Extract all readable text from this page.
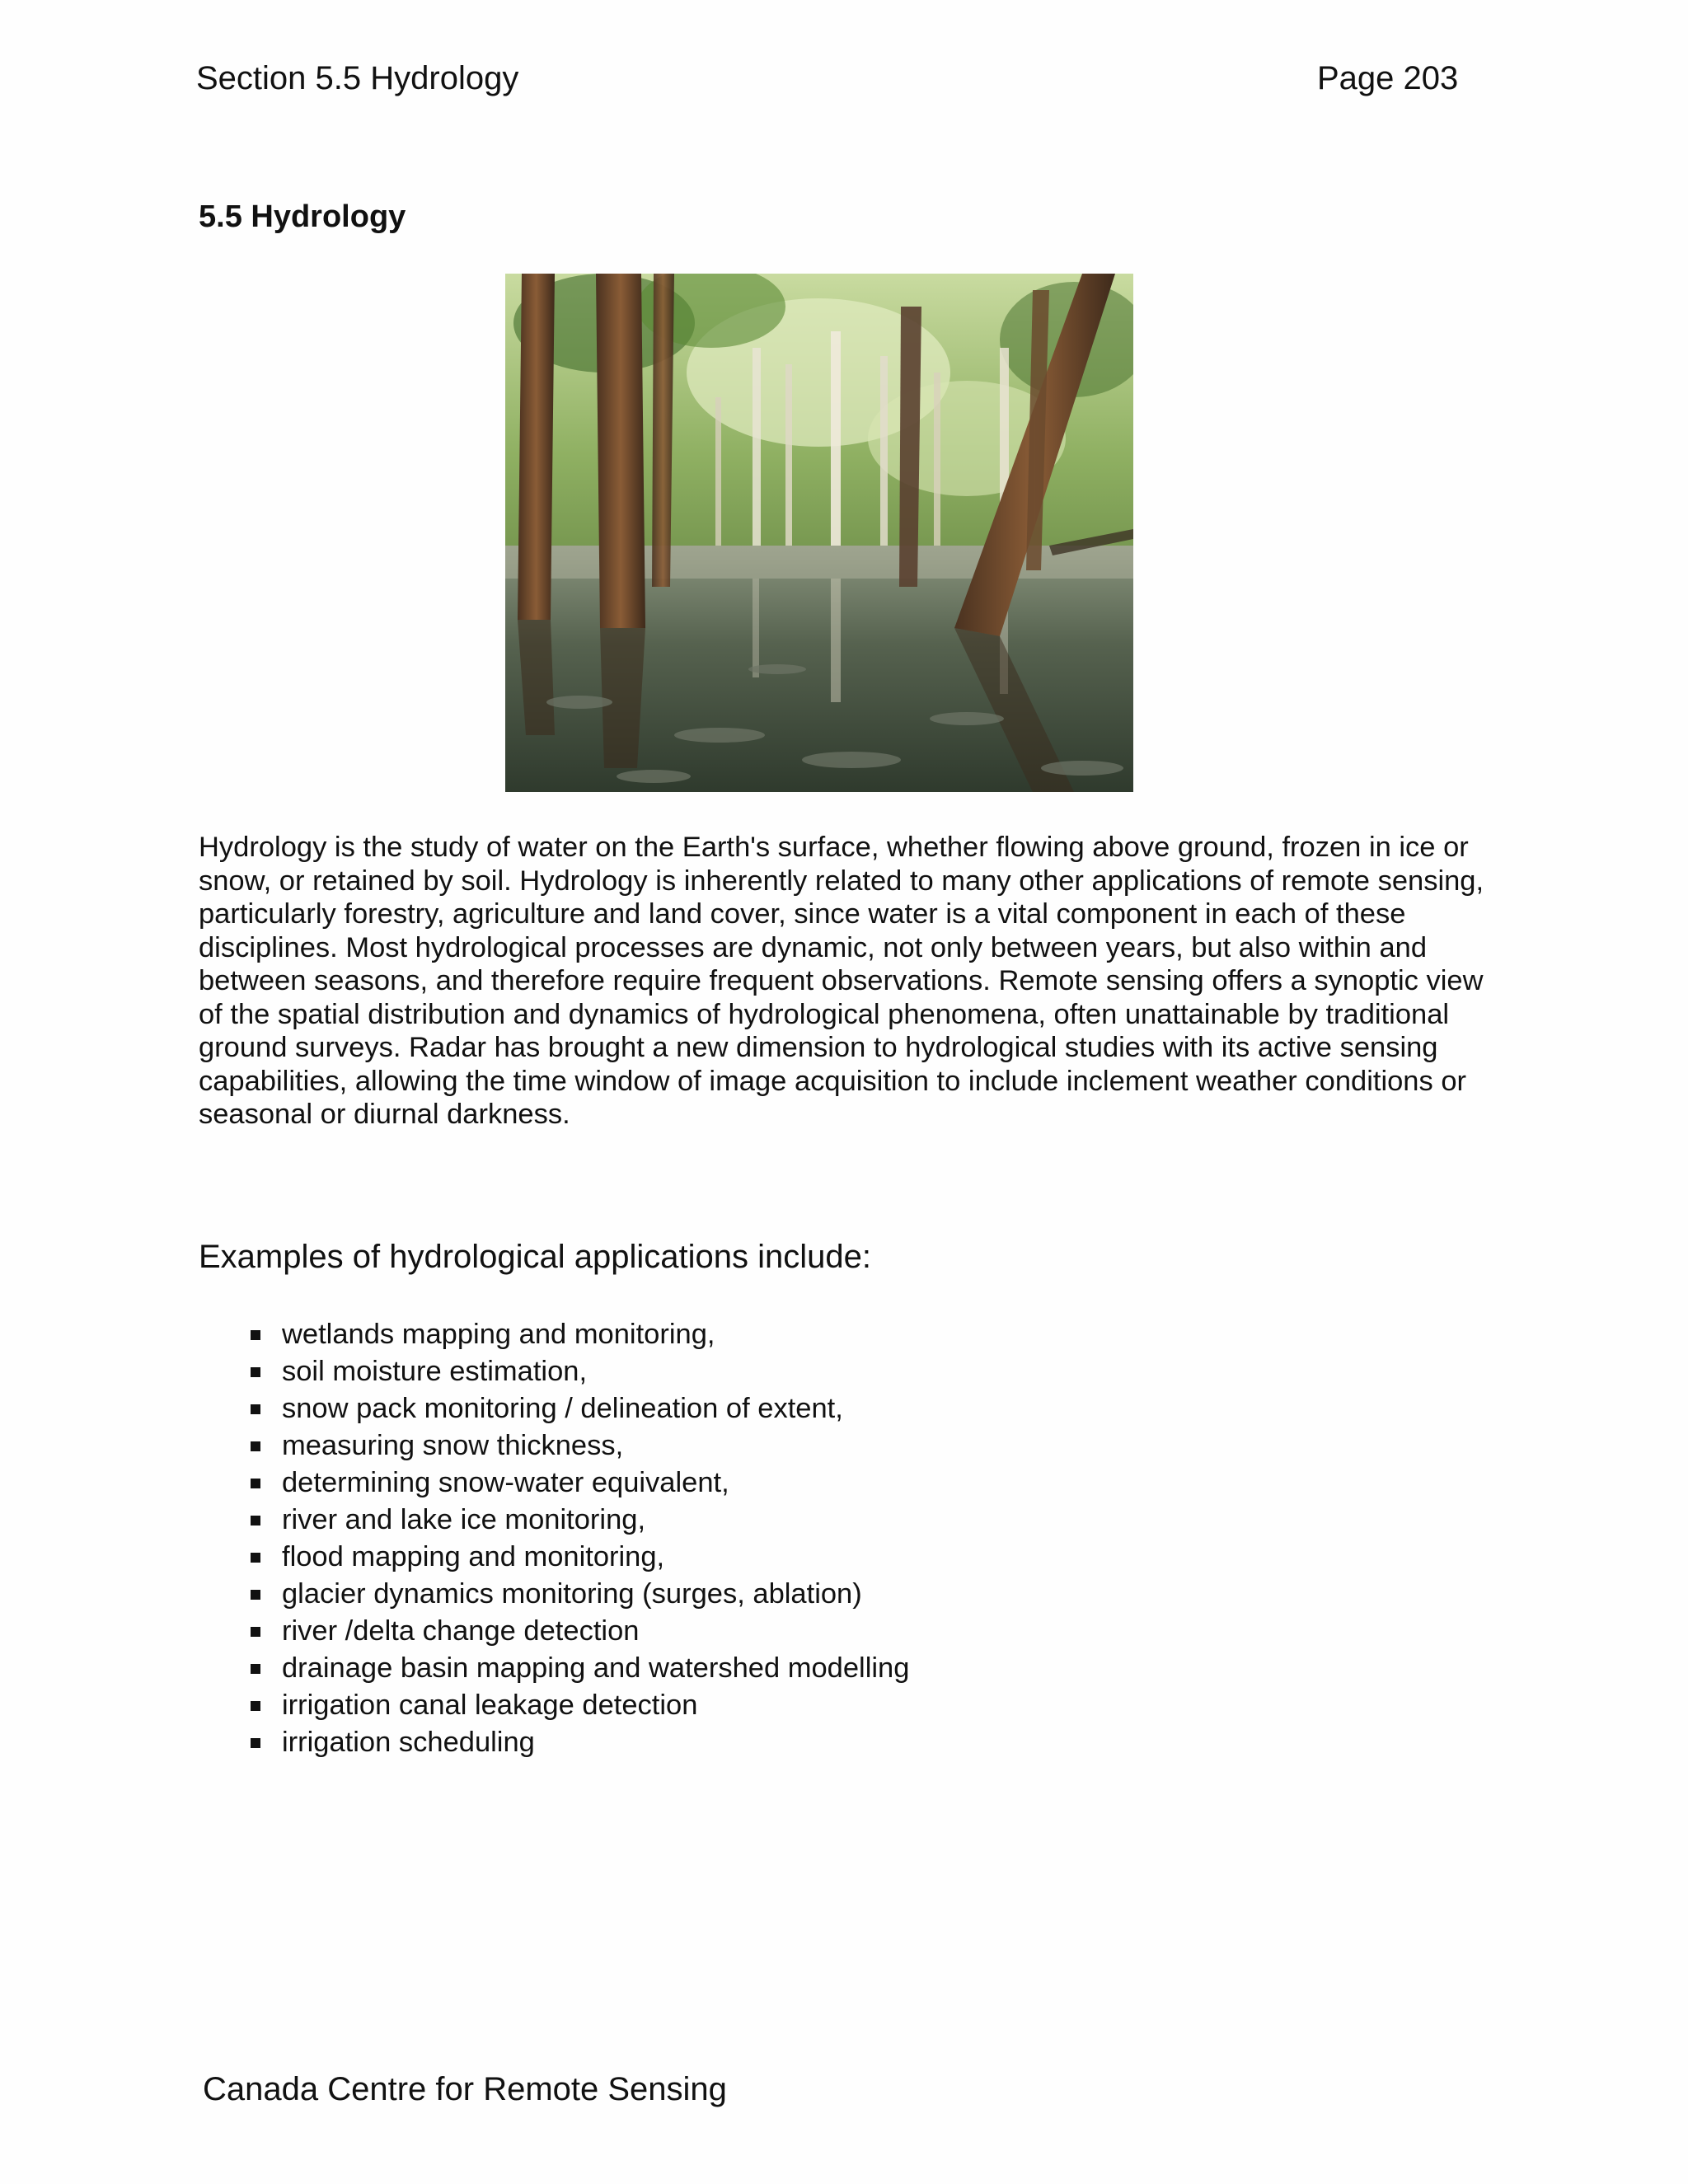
Section 5.5 Hydrology	Page 203
5.5 Hydrology

Hydrology is the study of water on the Earth's surface, whether flowing above ground, frozen in ice or snow, or retained by soil. Hydrology is inherently related to many other applications of remote sensing, particularly forestry, agriculture and land cover, since water is a vital component in each of these disciplines. Most hydrological processes are dynamic, not only between years, but also within and between seasons, and therefore require frequent observations. Remote sensing offers a synoptic view of the spatial distribution and dynamics of hydrological phenomena, often unattainable by traditional ground surveys. Radar has brought a new dimension to hydrological studies with its active sensing capabilities, allowing the time window of image acquisition to include inclement weather conditions or seasonal or diurnal darkness.

Examples of hydrological applications include:

wetlands mapping and monitoring,
soil moisture estimation,
snow pack monitoring / delineation of extent,
measuring snow thickness,
determining snow-water equivalent,
river and lake ice monitoring,
flood mapping and monitoring,
glacier dynamics monitoring (surges, ablation)
river /delta change detection
drainage basin mapping and watershed modelling
irrigation canal leakage detection
irrigation scheduling
Canada Centre for Remote Sensing
